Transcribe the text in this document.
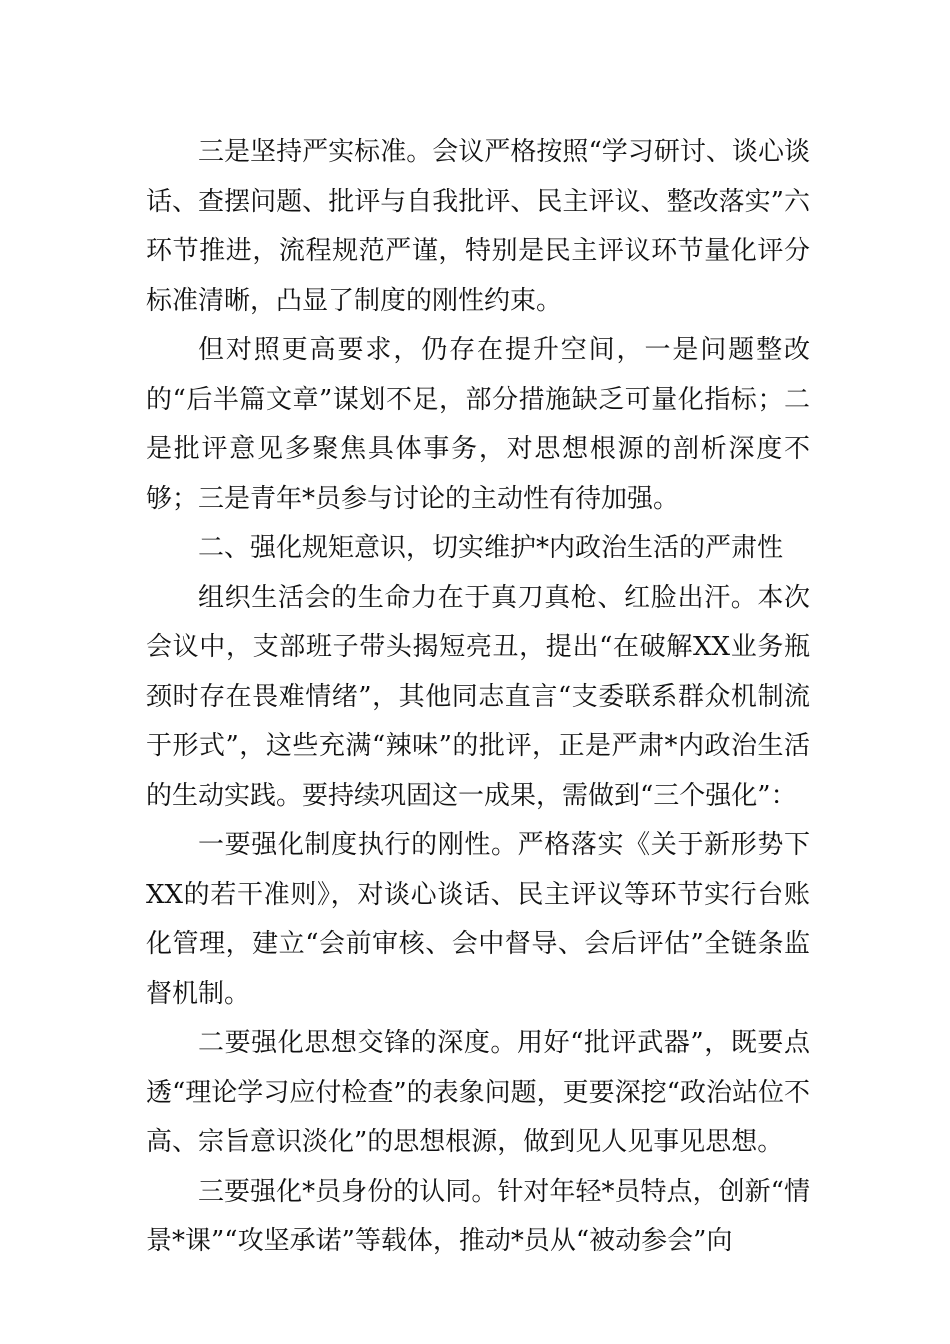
三是坚持严实标准。会议严格按照“学习研讨、谈心谈话、查摆问题、批评与自我批评、民主评议、整改落实”六环节推进，流程规范严谨，特别是民主评议环节量化评分标准清晰，凸显了制度的刚性约束。

但对照更高要求，仍存在提升空间，一是问题整改的“后半篇文章”谋划不足，部分措施缺乏可量化指标；二是批评意见多聚焦具体事务，对思想根源的剖析深度不够；三是青年*员参与讨论的主动性有待加强。

二、强化规矩意识，切实维护*内政治生活的严肃性

组织生活会的生命力在于真刀真枪、红脸出汗。本次会议中，支部班子带头揭短亮丑，提出“在破解XX业务瓶颈时存在畏难情绪”，其他同志直言“支委联系群众机制流于形式”，这些充满“辣味”的批评，正是严肃*内政治生活的生动实践。要持续巩固这一成果，需做到“三个强化”：

一要强化制度执行的刚性。严格落实《关于新形势下XX的若干准则》，对谈心谈话、民主评议等环节实行台账化管理，建立“会前审核、会中督导、会后评估”全链条监督机制。

二要强化思想交锋的深度。用好“批评武器”，既要点透“理论学习应付检查”的表象问题，更要深挖“政治站位不高、宗旨意识淡化”的思想根源，做到见人见事见思想。

三要强化*员身份的认同。针对年轻*员特点，创新“情景*课”“攻坚承诺”等载体，推动*员从“被动参会”向
